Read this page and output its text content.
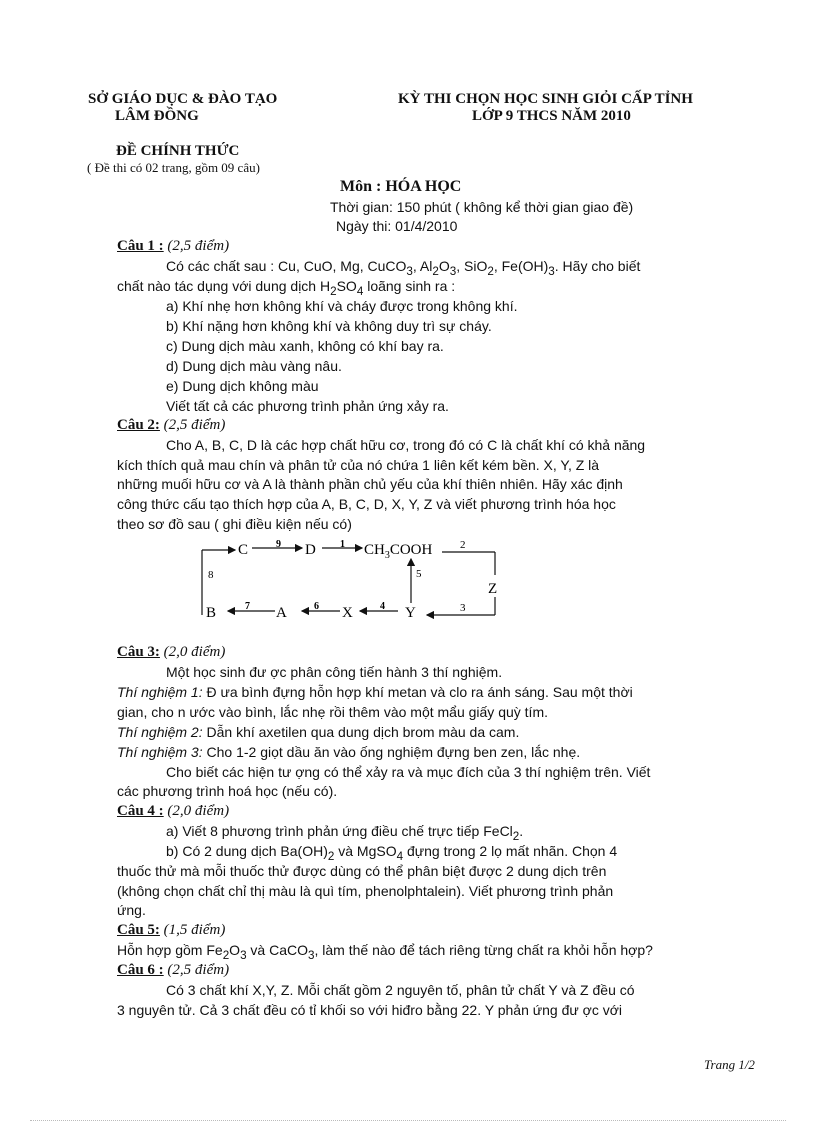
SỞ GIÁO DỤC & ĐÀO TẠO
LÂM ĐỒNG
KỲ THI CHỌN HỌC SINH GIỎI CẤP TỈNH
LỚP 9 THCS NĂM 2010
ĐỀ CHÍNH THỨC
( Đề thi có 02 trang, gồm 09 câu)
Môn : HÓA HỌC
Thời gian: 150 phút ( không kể thời gian giao đề)
Ngày thi: 01/4/2010
Câu 1 : (2,5 điểm)
Có các chất sau : Cu, CuO, Mg, CuCO$_3$, $Al_2O_3$, SiO$_2$, $Fe(OH)_3$. Hãy cho biết
chất nào tác dụng với dung dịch $H_2SO_4$ loãng sinh ra :
a) Khí nhẹ hơn không khí và cháy được trong không khí.
b) Khí nặng hơn không khí và không duy trì sự cháy.
c) Dung dịch màu xanh, không có khí bay ra.
d) Dung dịch màu vàng nâu.
e) Dung dịch không màu
Viết tất cả các phương trình phản ứng xảy ra.
Câu 2: (2,5 điểm)
Cho A, B, C, D là các hợp chất hữu cơ, trong đó có C là chất khí có khả năng
kích thích quả mau chín và phân tử của nó chứa 1 liên kết kém bền. X, Y, Z là
những muối hữu cơ và A là thành phần chủ yếu của khí thiên nhiên. Hãy xác định
công thức cấu tạo thích hợp của A, B, C, D, X, Y, Z và viết phương trình hóa học
theo sơ đồ sau ( ghi điều kiện nếu có)
C	D	$CH_3COOH$
Z
B	A	X	Y
9	1	2
8	5
7	6	4	3
Câu 3: (2,0 điểm)
Một học sinh đư ợc phân công tiến hành 3 thí nghiệm.
Thí nghiệm 1: Đ ưa bình đựng hỗn hợp khí metan và clo ra ánh sáng. Sau một thời
gian, cho n ước vào bình, lắc nhẹ rồi thêm vào một mẩu giấy quỳ tím.
Thí nghiệm 2: Dẫn khí axetilen qua dung dịch brom màu da cam.
Thí nghiệm 3: Cho 1-2 giọt dầu ăn vào ống nghiệm đựng ben zen, lắc nhẹ.
Cho biết các hiện tư ợng có thể xảy ra và mục đích của 3 thí nghiệm trên. Viết
các phương trình hoá học (nếu có).
Câu 4 : (2,0 điểm)
a) Viết 8 phương trình phản ứng điều chế trực tiếp FeCl$_2$.
b) Có 2 dung dịch $Ba(OH)_2$ và MgSO$_4$ đựng trong 2 lọ mất nhãn. Chọn 4
thuốc thử mà mỗi thuốc thử được dùng có thể phân biệt được 2 dung dịch trên
(không chọn chất chỉ thị màu là quì tím, phenolphtalein). Viết phương trình phản
ứng.
Câu 5: (1,5 điểm)
Hỗn hợp gồm $Fe_2O_3$ và CaCO$_3$, làm thế nào để tách riêng từng chất ra khỏi hỗn hợp?
Câu 6 : (2,5 điểm)
Có 3 chất khí X,Y, Z. Mỗi chất gồm 2 nguyên tố, phân tử chất Y và Z đều có
3 nguyên tử. Cả 3 chất đều có tỉ khối so với hiđro bằng 22. Y phản ứng đư ợc với
Trang 1/2
